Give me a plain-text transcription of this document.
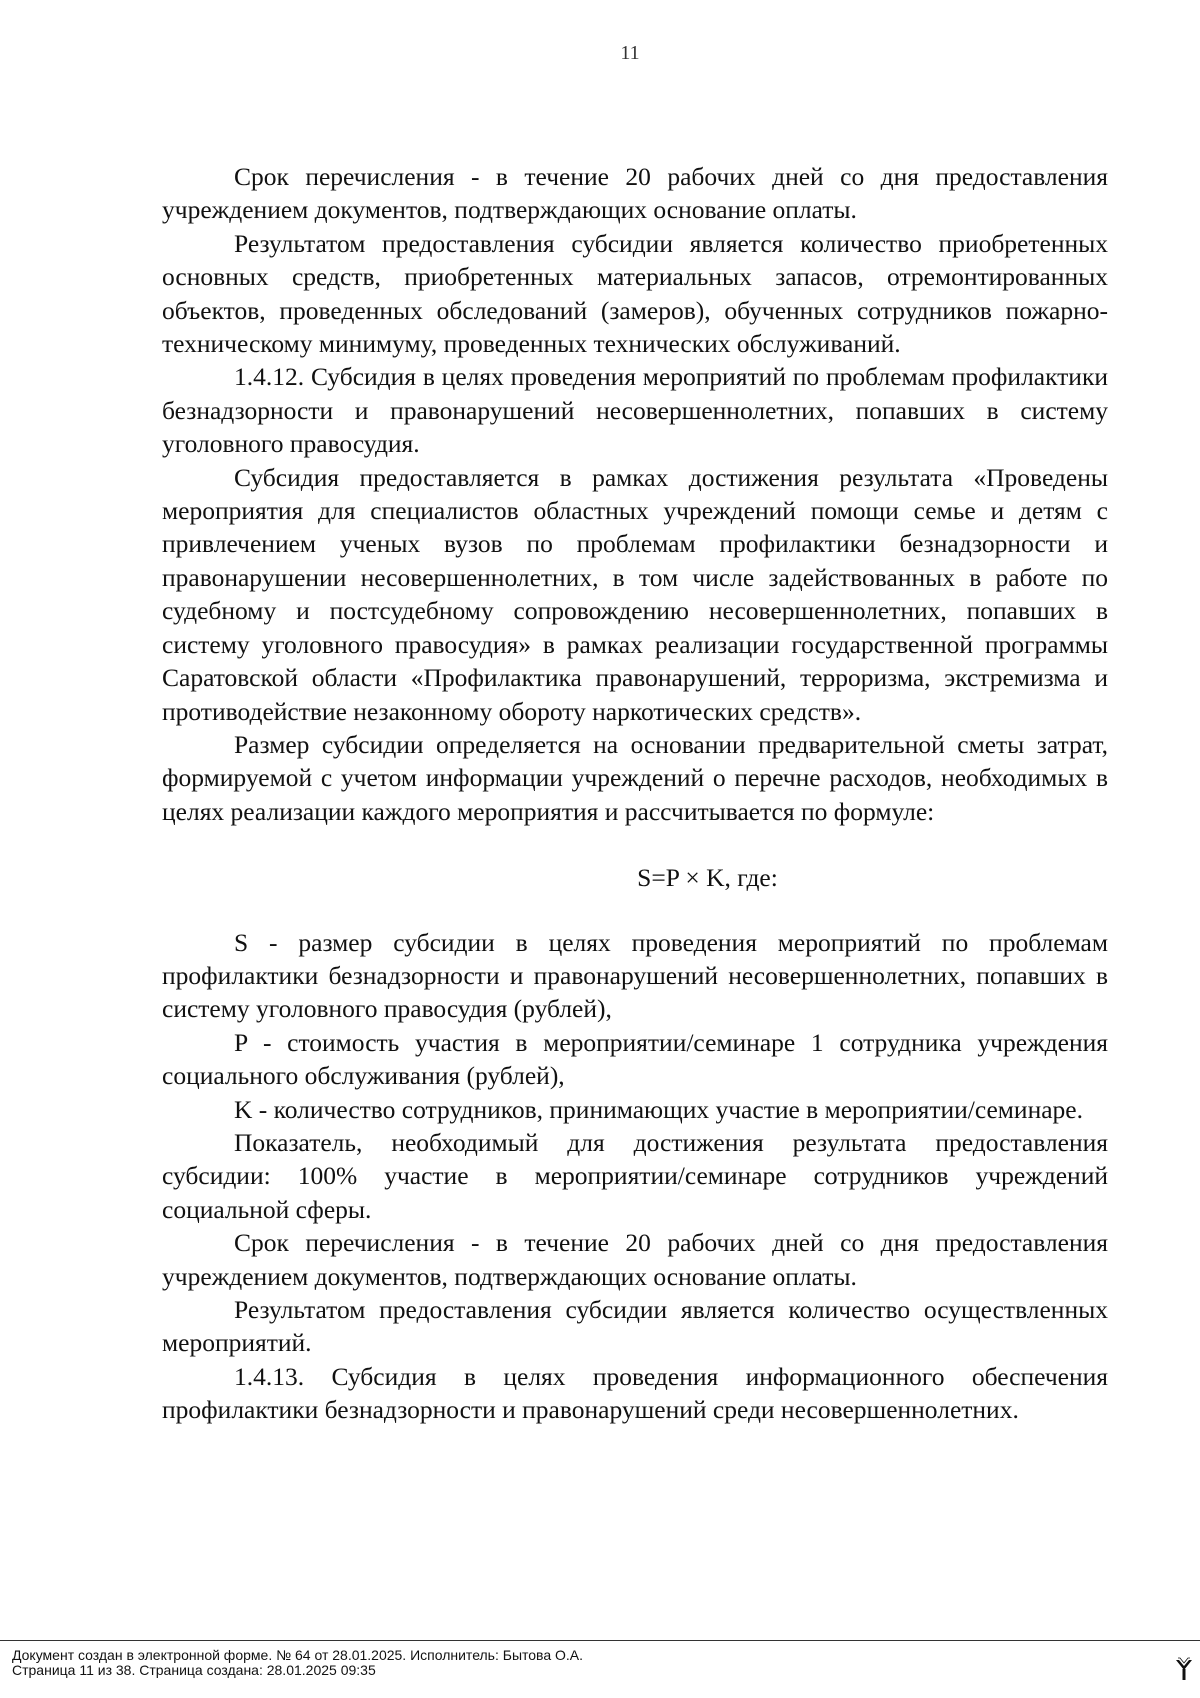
11

Срок перечисления - в течение 20 рабочих дней со дня предоставления учреждением документов, подтверждающих основание оплаты.

Результатом предоставления субсидии является количество приобретенных основных средств, приобретенных материальных запасов, отремонтированных объектов, проведенных обследований (замеров), обученных сотрудников пожарно-техническому минимуму, проведенных технических обслуживаний.

1.4.12. Субсидия в целях проведения мероприятий по проблемам профилактики безнадзорности и правонарушений несовершеннолетних, попавших в систему уголовного правосудия.

Субсидия предоставляется в рамках достижения результата «Проведены мероприятия для специалистов областных учреждений помощи семье и детям с привлечением ученых вузов по проблемам профилактики безнадзорности и правонарушении несовершеннолетних, в том числе задействованных в работе по судебному и постсудебному сопровождению несовершеннолетних, попавших в систему уголовного правосудия» в рамках реализации государственной программы Саратовской области «Профилактика правонарушений, терроризма, экстремизма и противодействие незаконному обороту наркотических средств».

Размер субсидии определяется на основании предварительной сметы затрат, формируемой с учетом информации учреждений о перечне расходов, необходимых в целях реализации каждого мероприятия и рассчитывается по формуле:

S=P × K, где:

S - размер субсидии в целях проведения мероприятий по проблемам профилактики безнадзорности и правонарушений несовершеннолетних, попавших в систему уголовного правосудия (рублей),

P - стоимость участия в мероприятии/семинаре 1 сотрудника учреждения социального обслуживания (рублей),

K - количество сотрудников, принимающих участие в мероприятии/семинаре.

Показатель, необходимый для достижения результата предоставления субсидии: 100% участие в мероприятии/семинаре сотрудников учреждений социальной сферы.

Срок перечисления - в течение 20 рабочих дней со дня предоставления учреждением документов, подтверждающих основание оплаты.

Результатом предоставления субсидии является количество осуществленных мероприятий.

1.4.13. Субсидия в целях проведения информационного обеспечения профилактики безнадзорности и правонарушений среди несовершеннолетних.

Документ создан в электронной форме. № 64 от 28.01.2025. Исполнитель: Бытова О.А.
Страница 11 из 38. Страница создана: 28.01.2025 09:35
